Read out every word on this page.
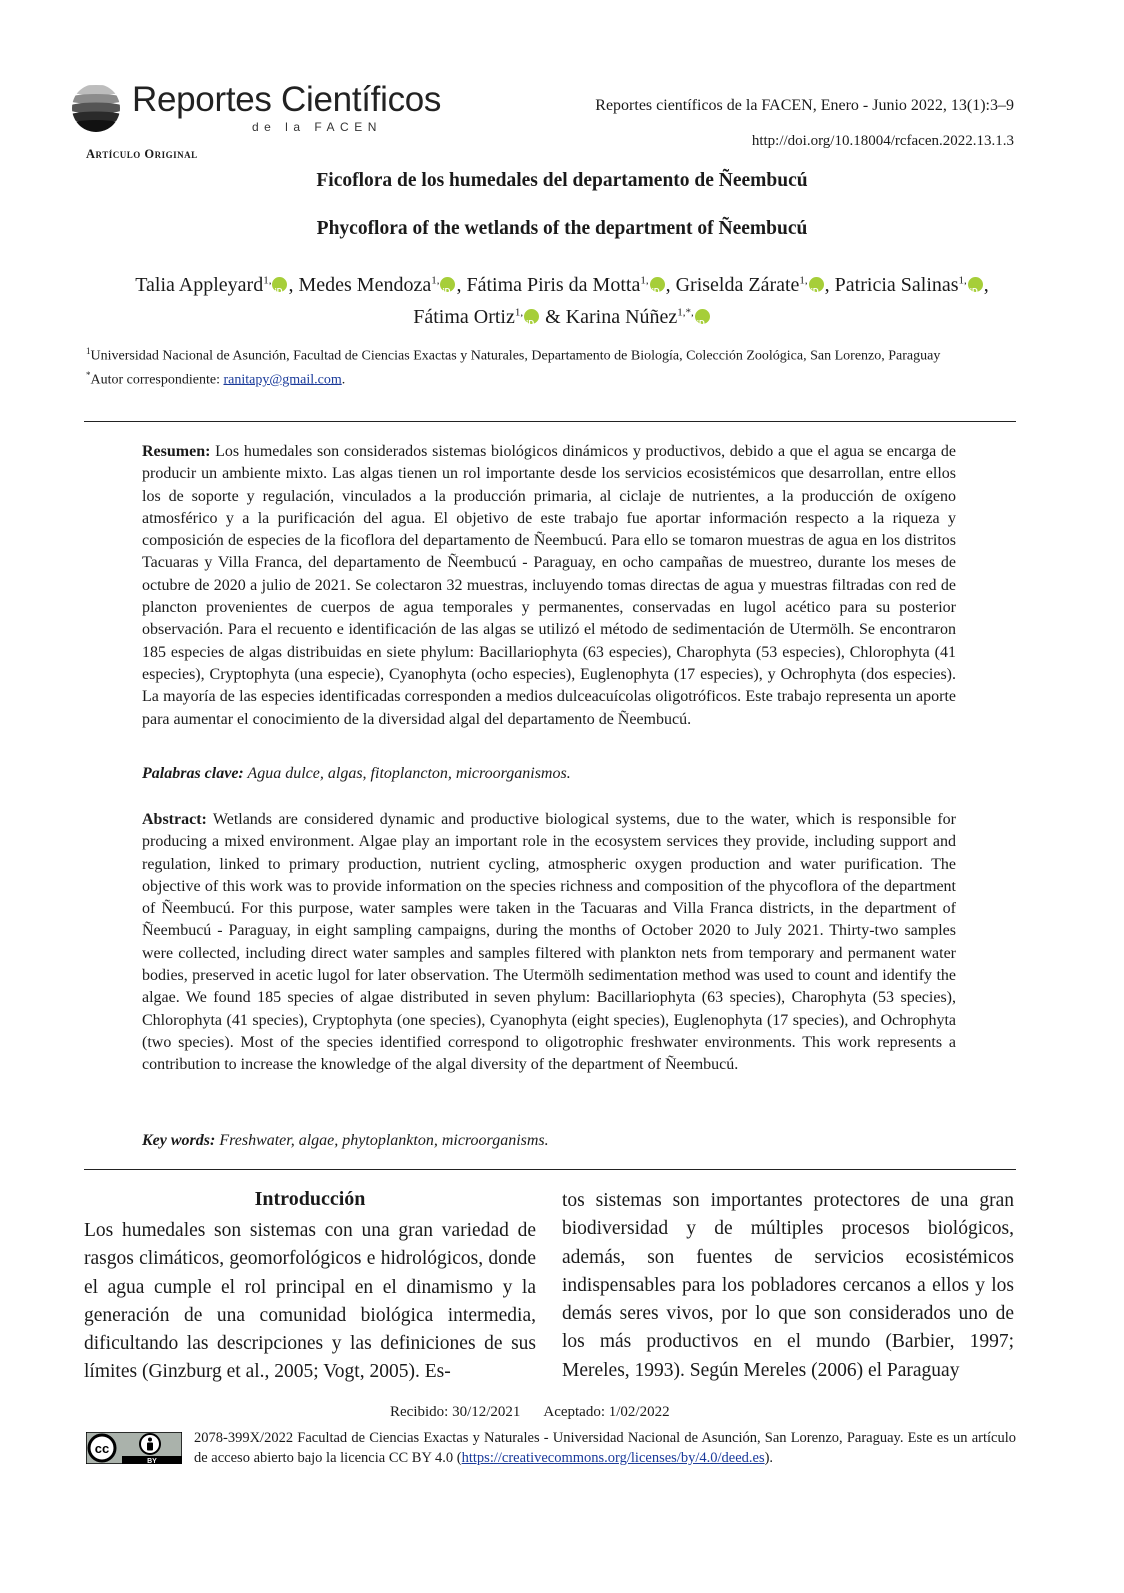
Reportes Científicos
de la FACEN
Reportes científicos de la FACEN, Enero - Junio 2022, 13(1):3–9
http://doi.org/10.18004/rcfacen.2022.13.1.3
Artículo Original
Ficoflora de los humedales del departamento de Ñeembucú
Phycoflora of the wetlands of the department of Ñeembucú
Talia Appleyard$^{1,}$ iD , Medes Mendoza$^{1,}$ iD , Fátima Piris da Motta$^{1,}$ iD , Griselda Zárate$^{1,}$ iD , Patricia Salinas$^{1,}$ iD , Fátima Ortiz$^{1,}$iD & Karina Núñez$^{1,*,}$iD
$^1$Universidad Nacional de Asunción, Facultad de Ciencias Exactas y Naturales, Departamento de Biología, Colección Zoológica, San Lorenzo, Paraguay
*Autor correspondiente: ranitapy@gmail.com.
Resumen: Los humedales son considerados sistemas biológicos dinámicos y productivos, debido a que el agua se encarga de producir un ambiente mixto. Las algas tienen un rol importante desde los servicios ecosistémicos que desarrollan, entre ellos los de soporte y regulación, vinculados a la producción primaria, al ciclaje de nutrientes, a la producción de oxígeno atmosférico y a la purificación del agua. El objetivo de este trabajo fue aportar información respecto a la riqueza y composición de especies de la ficoflora del departamento de Ñeembucú. Para ello se tomaron muestras de agua en los distritos Tacuaras y Villa Franca, del departamento de Ñeembucú - Paraguay, en ocho campañas de muestreo, durante los meses de octubre de 2020 a julio de 2021. Se colectaron 32 muestras, incluyendo tomas directas de agua y muestras filtradas con red de plancton provenientes de cuerpos de agua temporales y permanentes, conservadas en lugol acético para su posterior observación. Para el recuento e identificación de las algas se utilizó el método de sedimentación de Utermölh. Se encontraron 185 especies de algas distribuidas en siete phylum: Bacillariophyta (63 especies), Charophyta (53 especies), Chlorophyta (41 especies), Cryptophyta (una especie), Cyanophyta (ocho especies), Euglenophyta (17 especies), y Ochrophyta (dos especies). La mayoría de las especies identificadas corresponden a medios dulceacuícolas oligotróficos. Este trabajo representa un aporte para aumentar el conocimiento de la diversidad algal del departamento de Ñeembucú.
Palabras clave: Agua dulce, algas, fitoplancton, microorganismos.
Abstract: Wetlands are considered dynamic and productive biological systems, due to the water, which is responsible for producing a mixed environment. Algae play an important role in the ecosystem services they provide, including support and regulation, linked to primary production, nutrient cycling, atmospheric oxygen production and water purification. The objective of this work was to provide information on the species richness and composition of the phycoflora of the department of Ñeembucú. For this purpose, water samples were taken in the Tacuaras and Villa Franca districts, in the department of Ñeembucú - Paraguay, in eight sampling campaigns, during the months of October 2020 to July 2021. Thirty-two samples were collected, including direct water samples and samples filtered with plankton nets from temporary and permanent water bodies, preserved in acetic lugol for later observation. The Utermölh sedimentation method was used to count and identify the algae. We found 185 species of algae distributed in seven phylum: Bacillariophyta (63 species), Charophyta (53 species), Chlorophyta (41 species), Cryptophyta (one species), Cyanophyta (eight species), Euglenophyta (17 species), and Ochrophyta (two species). Most of the species identified correspond to oligotrophic freshwater environments. This work represents a contribution to increase the knowledge of the algal diversity of the department of Ñeembucú.
Key words: Freshwater, algae, phytoplankton, microorganisms.
Introducción
Los humedales son sistemas con una gran variedad de rasgos climáticos, geomorfológicos e hidrológicos, donde el agua cumple el rol principal en el dinamismo y la generación de una comunidad biológica intermedia, dificultando las descripciones y las definiciones de sus límites (Ginzburg et al., 2005; Vogt, 2005). Es-
tos sistemas son importantes protectores de una gran biodiversidad y de múltiples procesos biológicos, además, son fuentes de servicios ecosistémicos indispensables para los pobladores cercanos a ellos y los demás seres vivos, por lo que son considerados uno de los más productivos en el mundo (Barbier, 1997; Mereles, 1993). Según Mereles (2006) el Paraguay
Recibido: 30/12/2021 Aceptado: 1/02/2022
cc
BY
2078-399X/2022 Facultad de Ciencias Exactas y Naturales - Universidad Nacional de Asunción, San Lorenzo, Paraguay. Este es un artículo de acceso abierto bajo la licencia CC BY 4.0 (https://creativecommons.org/licenses/by/4.0/deed.es).
